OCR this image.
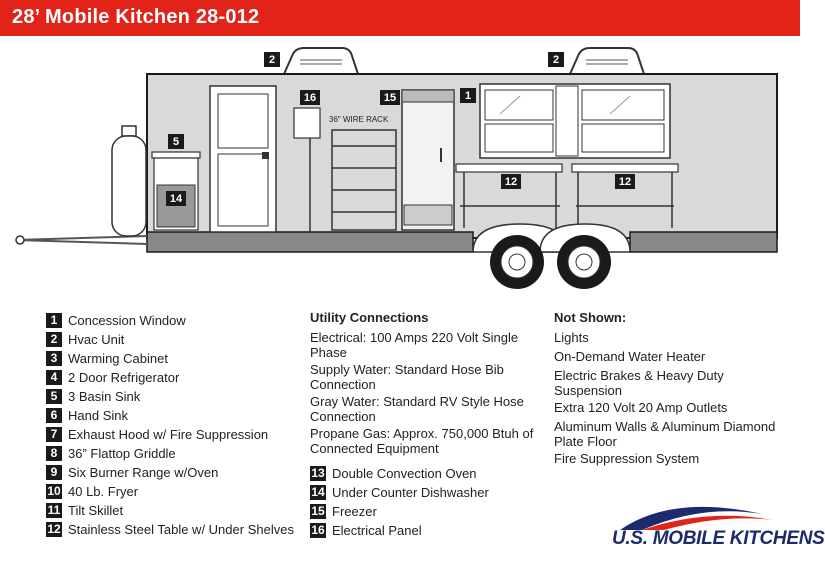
28’ Mobile Kitchen 28-012
36" WIRE RACK
2	2
1
5
14
16	15
12	12
1 Concession Window
2 Hvac Unit
3 Warming Cabinet
4 2 Door Refrigerator
5 3 Basin Sink
6 Hand Sink
7 Exhaust Hood w/ Fire Suppression
8 36” Flattop Griddle
9 Six Burner Range w/Oven
10 40 Lb. Fryer
11 Tilt Skillet
12 Stainless Steel Table w/ Under Shelves
Utility Connections
Electrical: 100 Amps 220 Volt Single Phase
Supply Water: Standard Hose Bib Connection
Gray Water: Standard RV Style Hose Connection
Propane Gas: Approx. 750,000 Btuh of Connected Equipment
13 Double Convection Oven
14 Under Counter Dishwasher
15 Freezer
16 Electrical Panel
Not Shown:
Lights
On-Demand Water Heater
Electric Brakes & Heavy Duty Suspension
Extra 120 Volt 20 Amp Outlets
Aluminum Walls & Aluminum Diamond Plate Floor
Fire Suppression System
U.S. MOBILE KITCHENS
